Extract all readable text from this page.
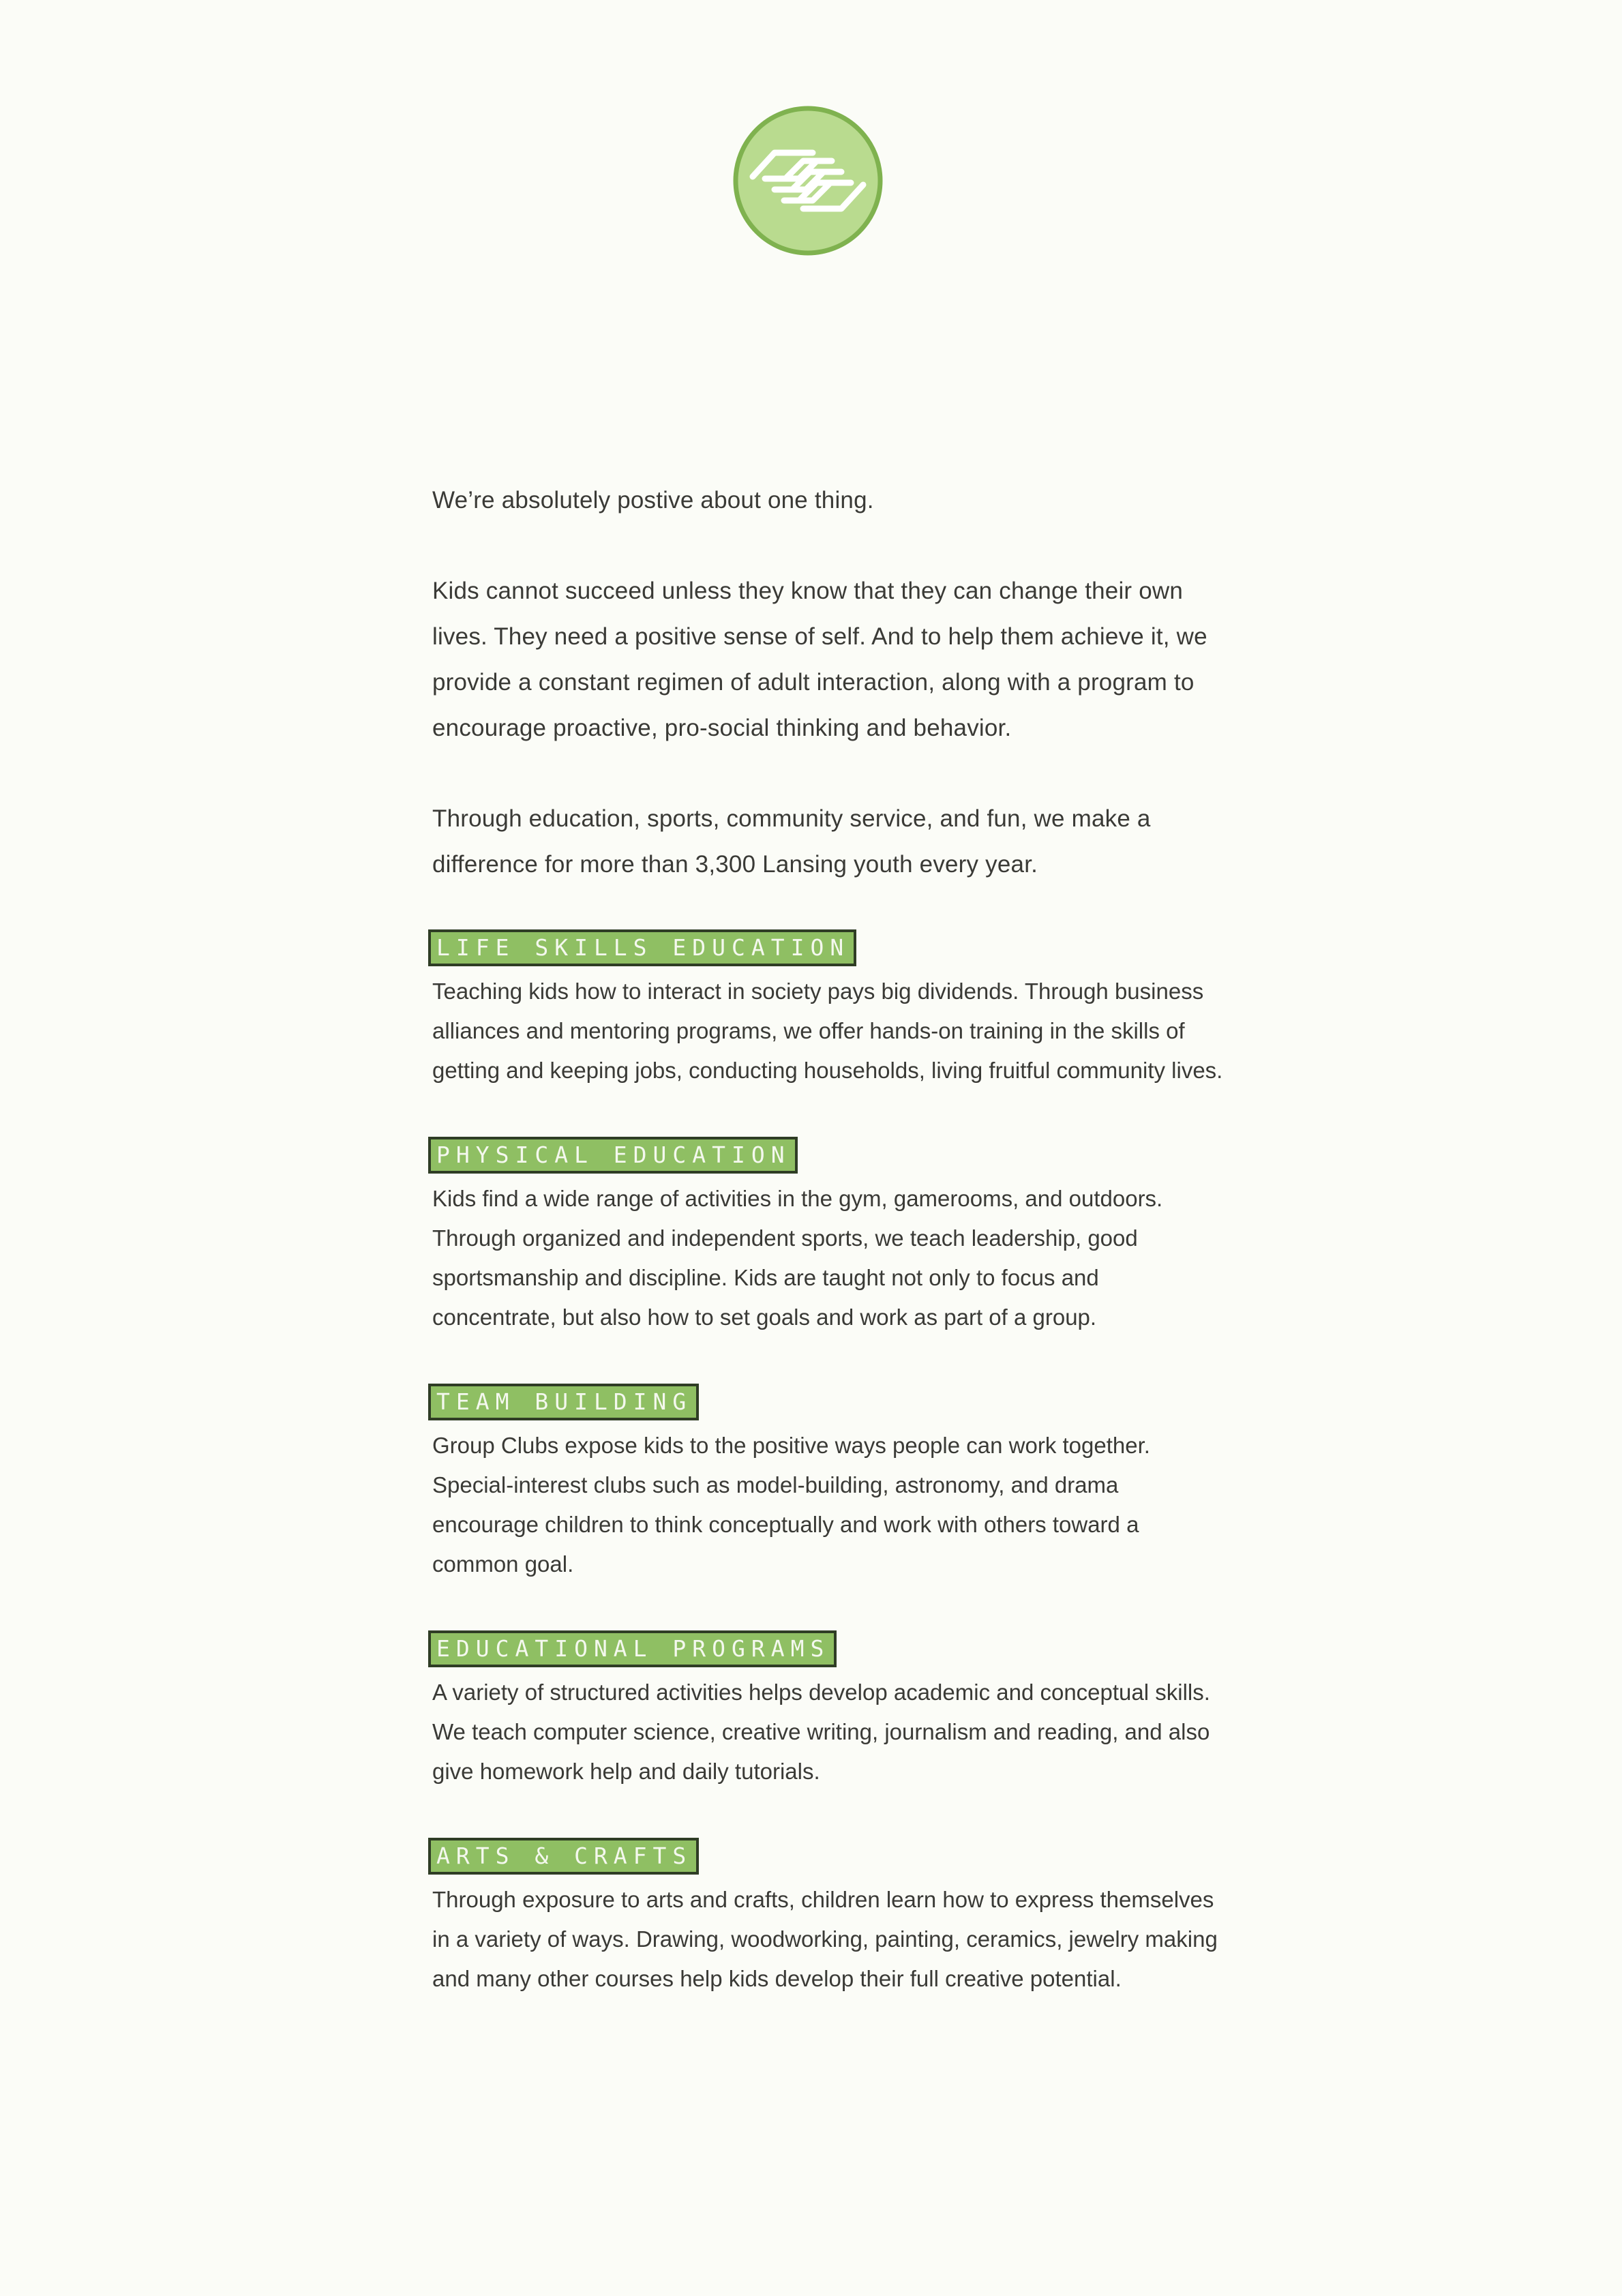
We’re absolutely postive about one thing.

Kids cannot succeed unless they know that they can change their own lives. They need a positive sense of self. And to help them achieve it, we provide a constant regimen of adult interaction, along with a program to encourage proactive, pro-social thinking and behavior.

Through education, sports, community service, and fun, we make a difference for more than 3,300 Lansing youth every year.

LIFE SKILLS EDUCATION

Teaching kids how to interact in society pays big dividends. Through business alliances and mentoring programs, we offer hands-on training in the skills of getting and keeping jobs, conducting households, living fruitful community lives.

PHYSICAL EDUCATION

Kids find a wide range of activities in the gym, gamerooms, and outdoors. Through organized and independent sports, we teach leadership, good sportsmanship and discipline. Kids are taught not only to focus and concentrate, but also how to set goals and work as part of a group.

TEAM BUILDING

Group Clubs expose kids to the positive ways people can work together. Special-interest clubs such as model-building, astronomy, and drama encourage children to think conceptually and work with others toward a common goal.

EDUCATIONAL PROGRAMS

A variety of structured activities helps develop academic and conceptual skills. We teach computer science, creative writing, journalism and reading, and also give homework help and daily tutorials.

ARTS & CRAFTS

Through exposure to arts and crafts, children learn how to express themselves in a variety of ways. Drawing, woodworking, painting, ceramics, jewelry making and many other courses help kids develop their full creative potential.
